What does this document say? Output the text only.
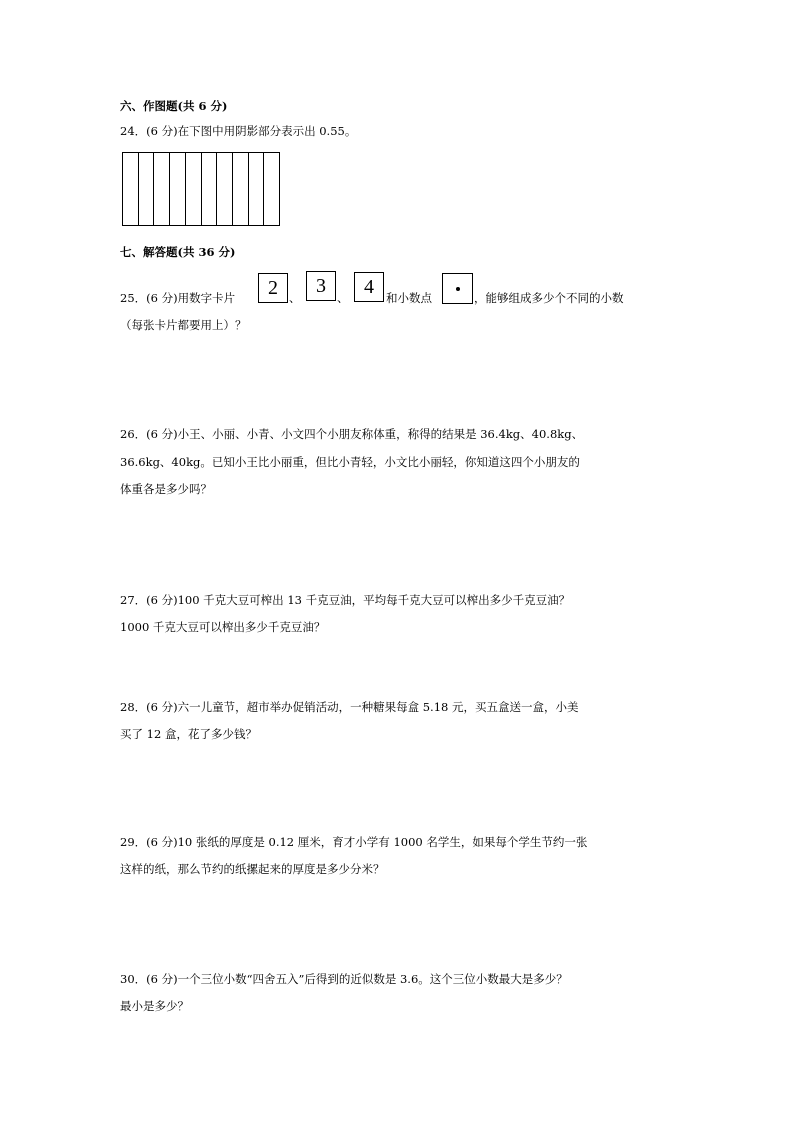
六、作图题(共 6 分)
24．(6 分)在下图中用阴影部分表示出 0.55。
七、解答题(共 36 分)
25．(6 分)用数字卡片	2 、
3
、
4
和小数点	，能够组成多少个不同的小数
（每张卡片都要用上）？
26．(6 分)小王、小丽、小青、小文四个小朋友称体重，称得的结果是 36.4kg、40.8kg、
36.6kg、40kg。已知小王比小丽重，但比小青轻，小文比小丽轻，你知道这四个小朋友的
体重各是多少吗？
27．(6 分)100 千克大豆可榨出 13 千克豆油，平均每千克大豆可以榨出多少千克豆油？
1000 千克大豆可以榨出多少千克豆油？
28．(6 分)六一儿童节，超市举办促销活动，一种糖果每盒 5.18 元，买五盒送一盒，小美
买了 12 盒，花了多少钱？
29．(6 分)10 张纸的厚度是 0.12 厘米，育才小学有 1000 名学生，如果每个学生节约一张
这样的纸，那么节约的纸摞起来的厚度是多少分米？
30．(6 分)一个三位小数“四舍五入”后得到的近似数是 3.6。这个三位小数最大是多少？
最小是多少？
